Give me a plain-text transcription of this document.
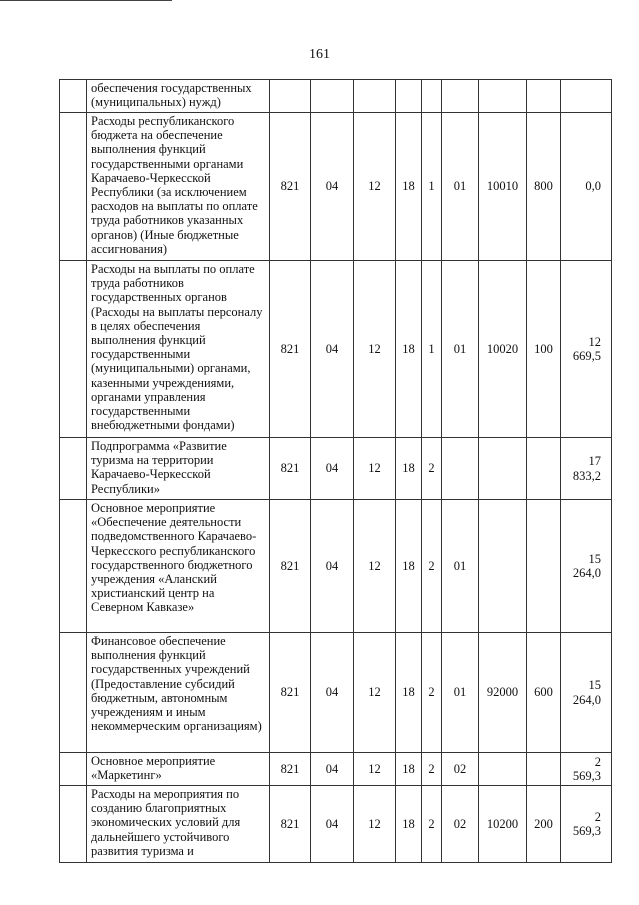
161
	обеспечения государственных (муниципальных) нужд)									
	Расходы республиканского бюджета на обеспечение выполнения функций государственными органами Карачаево-Черкесской Республики (за исключением расходов на выплаты по оплате труда работников указанных органов) (Иные бюджетные ассигнования)	821	04	12	18	1	01	10010	800	0,0
	Расходы на выплаты по оплате труда работников государственных органов (Расходы на выплаты персоналу в целях обеспечения выполнения функций государственными (муниципальными) органами, казенными учреждениями, органами управления государственными внебюджетными фондами)	821	04	12	18	1	01	10020	100	12 669,5
	Подпрограмма «Развитие туризма на территории Карачаево-Черкесской Республики»	821	04	12	18	2				17 833,2
	Основное мероприятие «Обеспечение деятельности подведомственного Карачаево-Черкесского республиканского государственного бюджетного учреждения «Аланский христианский центр на Северном Кавказе»	821	04	12	18	2	01			15 264,0
	Финансовое обеспечение выполнения функций государственных учреждений (Предоставление субсидий бюджетным, автономным учреждениям и иным некоммерческим организациям)	821	04	12	18	2	01	92000	600	15 264,0
	Основное мероприятие «Маркетинг»	821	04	12	18	2	02			2 569,3
	Расходы на мероприятия по созданию благоприятных экономических условий для дальнейшего устойчивого развития туризма и	821	04	12	18	2	02	10200	200	2 569,3
